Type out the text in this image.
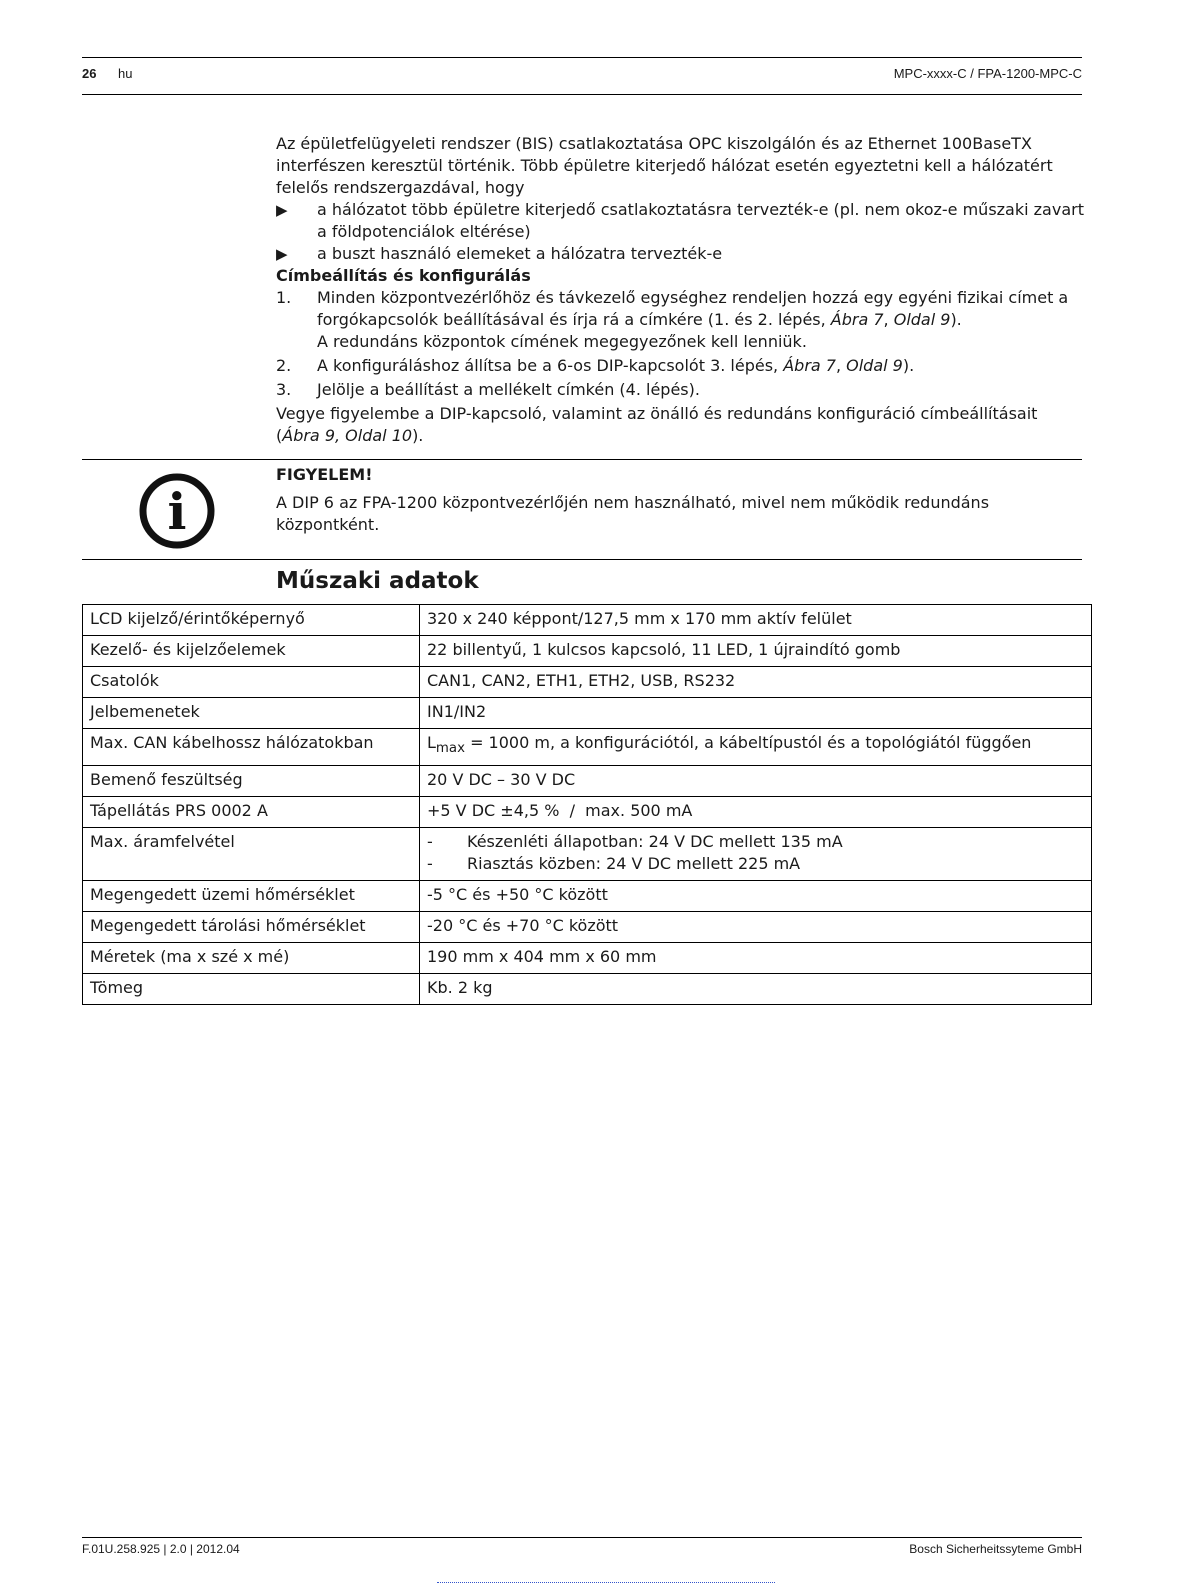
26 hu	MPC-xxxx-C / FPA-1200-MPC-C

Az épületfelügyeleti rendszer (BIS) csatlakoztatása OPC kiszolgálón és az Ethernet 100BaseTX interfészen keresztül történik. Több épületre kiterjedő hálózat esetén egyeztetni kell a hálózatért felelős rendszergazdával, hogy

▶ a hálózatot több épületre kiterjedő csatlakoztatásra tervezték-e (pl. nem okoz-e műszaki zavart a földpotenciálok eltérése)
▶ a buszt használó elemeket a hálózatra tervezték-e

Címbeállítás és konfigurálás

1. Minden központvezérlőhöz és távkezelő egységhez rendeljen hozzá egy egyéni fizikai címet a forgókapcsolók beállításával és írja rá a címkére (1. és 2. lépés, Ábra 7, Oldal 9).
A redundáns központok címének megegyezőnek kell lenniük.
2. A konfiguráláshoz állítsa be a 6-os DIP-kapcsolót 3. lépés, Ábra 7, Oldal 9).
3. Jelölje a beállítást a mellékelt címkén (4. lépés).

Vegye figyelembe a DIP-kapcsoló, valamint az önálló és redundáns konfiguráció címbeállításait (Ábra 9, Oldal 10).

i
FIGYELEM!
A DIP 6 az FPA-1200 központvezérlőjén nem használható, mivel nem működik redundáns központként.
Műszaki adatok
LCD kijelző/érintőképernyő	320 x 240 képpont/127,5 mm x 170 mm aktív felület
Kezelő- és kijelzőelemek	22 billentyű, 1 kulcsos kapcsoló, 11 LED, 1 újraindító gomb
Csatolók	CAN1, CAN2, ETH1, ETH2, USB, RS232
Jelbemenetek	IN1/IN2
Max. CAN kábelhossz hálózatokban	$L_{max} = 1000$ m, a konfigurációtól, a kábeltípustól és a topológiától függően
Bemenő feszültség	20 V DC – 30 V DC
Tápellátás PRS 0002 A	+5 V DC ±4,5 %  /  max. 500 mA
Max. áramfelvétel	- Készenléti állapotban: 24 V DC mellett 135 mA
- Riasztás közben: 24 V DC mellett 225 mA

Megengedett üzemi hőmérséklet	-5 °C és +50 °C között
Megengedett tárolási hőmérséklet	-20 °C és +70 °C között
Méretek (ma x szé x mé)	190 mm x 404 mm x 60 mm
Tömeg	Kb. 2 kg
F.01U.258.925 | 2.0 | 2012.04	Bosch Sicherheitssyteme GmbH
